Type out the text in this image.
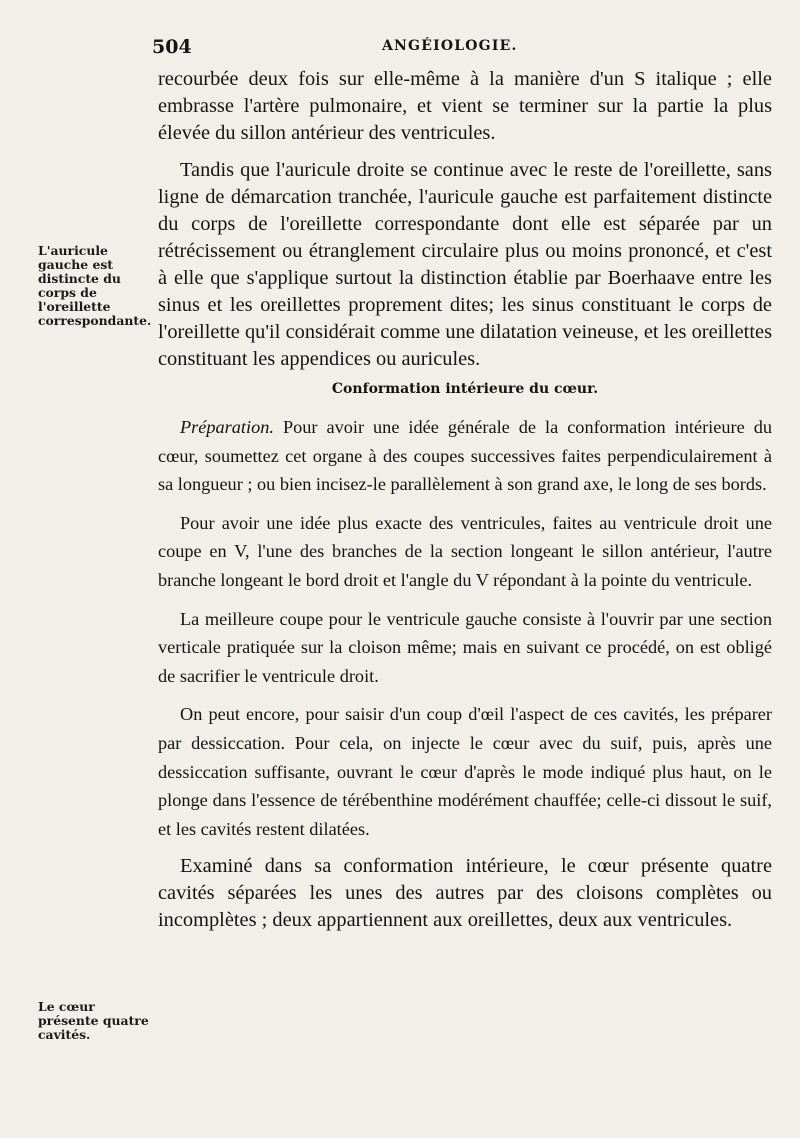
504	ANGÉIOLOGIE.
L'auricule gauche est distincte du corps de l'oreillette correspondante.
Le cœur présente quatre cavités.

recourbée deux fois sur elle-même à la manière d'un S italique ; elle embrasse l'artère pulmonaire, et vient se terminer sur la partie la plus élevée du sillon antérieur des ventricules.

Tandis que l'auricule droite se continue avec le reste de l'oreillette, sans ligne de démarcation tranchée, l'auricule gauche est parfaitement distincte du corps de l'oreillette correspondante dont elle est séparée par un rétrécissement ou étranglement circulaire plus ou moins prononcé, et c'est à elle que s'applique surtout la distinction établie par Boerhaave entre les sinus et les oreillettes proprement dites; les sinus constituant le corps de l'oreillette qu'il considérait comme une dilatation veineuse, et les oreillettes constituant les appendices ou auricules.

Conformation intérieure du cœur.

Préparation. Pour avoir une idée générale de la conformation intérieure du cœur, soumettez cet organe à des coupes successives faites perpendiculairement à sa longueur ; ou bien incisez-le parallèlement à son grand axe, le long de ses bords.

Pour avoir une idée plus exacte des ventricules, faites au ventricule droit une coupe en V, l'une des branches de la section longeant le sillon antérieur, l'autre branche longeant le bord droit et l'angle du V répondant à la pointe du ventricule.

La meilleure coupe pour le ventricule gauche consiste à l'ouvrir par une section verticale pratiquée sur la cloison même; mais en suivant ce procédé, on est obligé de sacrifier le ventricule droit.

On peut encore, pour saisir d'un coup d'œil l'aspect de ces cavités, les préparer par dessiccation. Pour cela, on injecte le cœur avec du suif, puis, après une dessiccation suffisante, ouvrant le cœur d'après le mode indiqué plus haut, on le plonge dans l'essence de térébenthine modérément chauffée; celle-ci dissout le suif, et les cavités restent dilatées.

Examiné dans sa conformation intérieure, le cœur présente quatre cavités séparées les unes des autres par des cloisons complètes ou incomplètes ; deux appartiennent aux oreillettes, deux aux ventricules.
